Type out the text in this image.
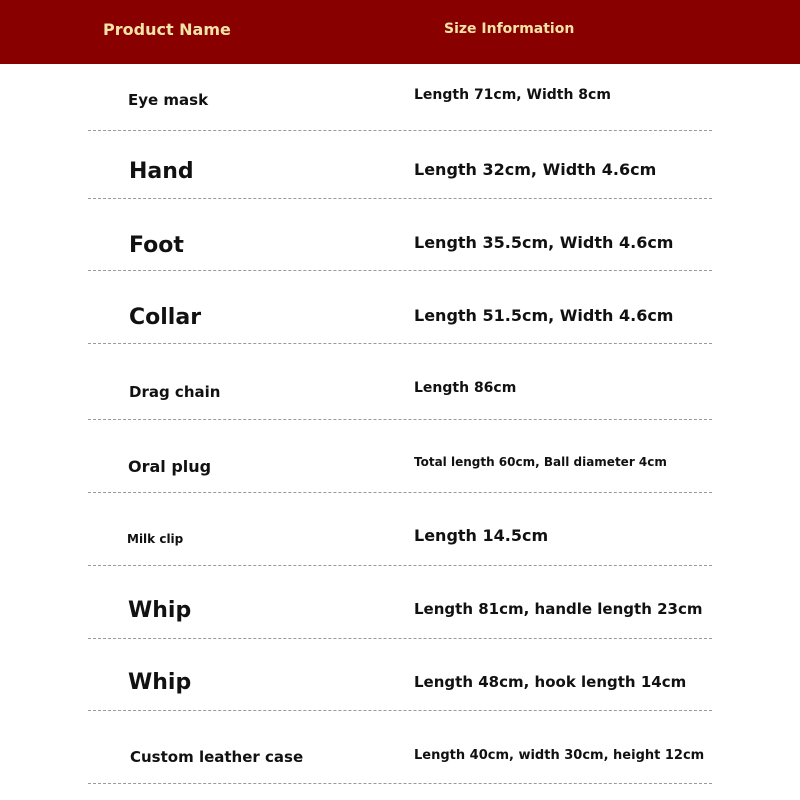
Product Name	Size Information
Eye mask	Length 71cm, Width 8cm
Hand	Length 32cm, Width 4.6cm
Foot	Length 35.5cm, Width 4.6cm
Collar	Length 51.5cm, Width 4.6cm
Drag chain	Length 86cm
Oral plug	Total length 60cm, Ball diameter 4cm
Milk clip	Length 14.5cm
Whip	Length 81cm, handle length 23cm
Whip	Length 48cm, hook length 14cm
Custom leather case	Length 40cm, width 30cm, height 12cm
